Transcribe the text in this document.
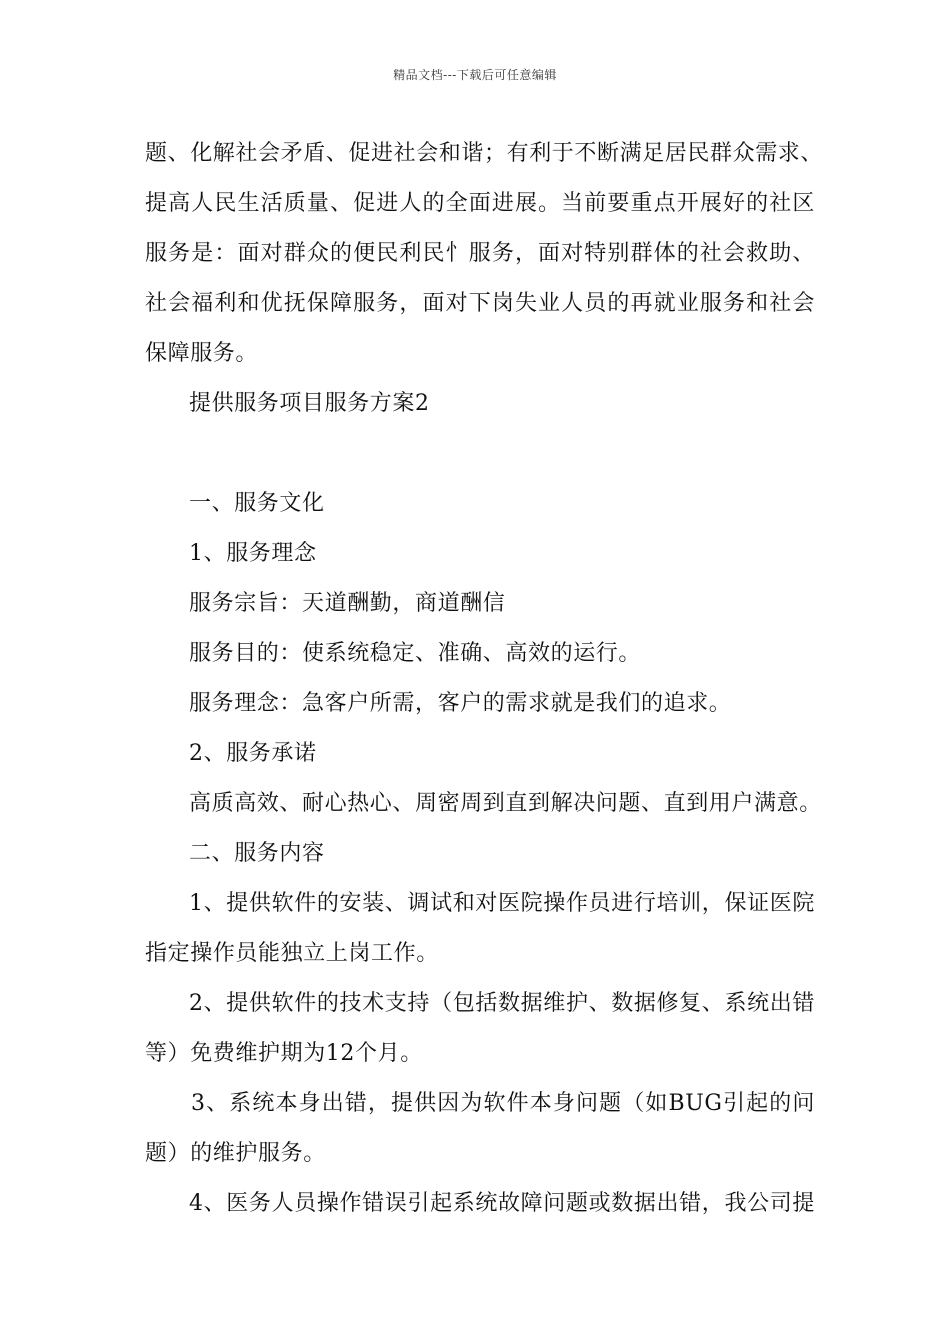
精品文档---下载后可任意编辑
题、化解社会矛盾、促进社会和谐；有利于不断满足居民群众需求、
提高人民生活质量、促进人的全面进展。当前要重点开展好的社区
服务是：面对群众的便民利民忄服务，面对特别群体的社会救助、
社会福利和优抚保障服务，面对下岗失业人员的再就业服务和社会
保障服务。
提供服务项目服务方案2
一、服务文化
1、服务理念
服务宗旨：天道酬勤，商道酬信
服务目的：使系统稳定、准确、高效的运行。
服务理念：急客户所需，客户的需求就是我们的追求。
2、服务承诺
高质高效、耐心热心、周密周到直到解决问题、直到用户满意。
二、服务内容
1、提供软件的安装、调试和对医院操作员进行培训，保证医院
指定操作员能独立上岗工作。
2、提供软件的技术支持（包括数据维护、数据修复、系统出错
等）免费维护期为12个月。
3、系统本身出错，提供因为软件本身问题（如BUG引起的问
题）的维护服务。
4、医务人员操作错误引起系统故障问题或数据出错，我公司提
